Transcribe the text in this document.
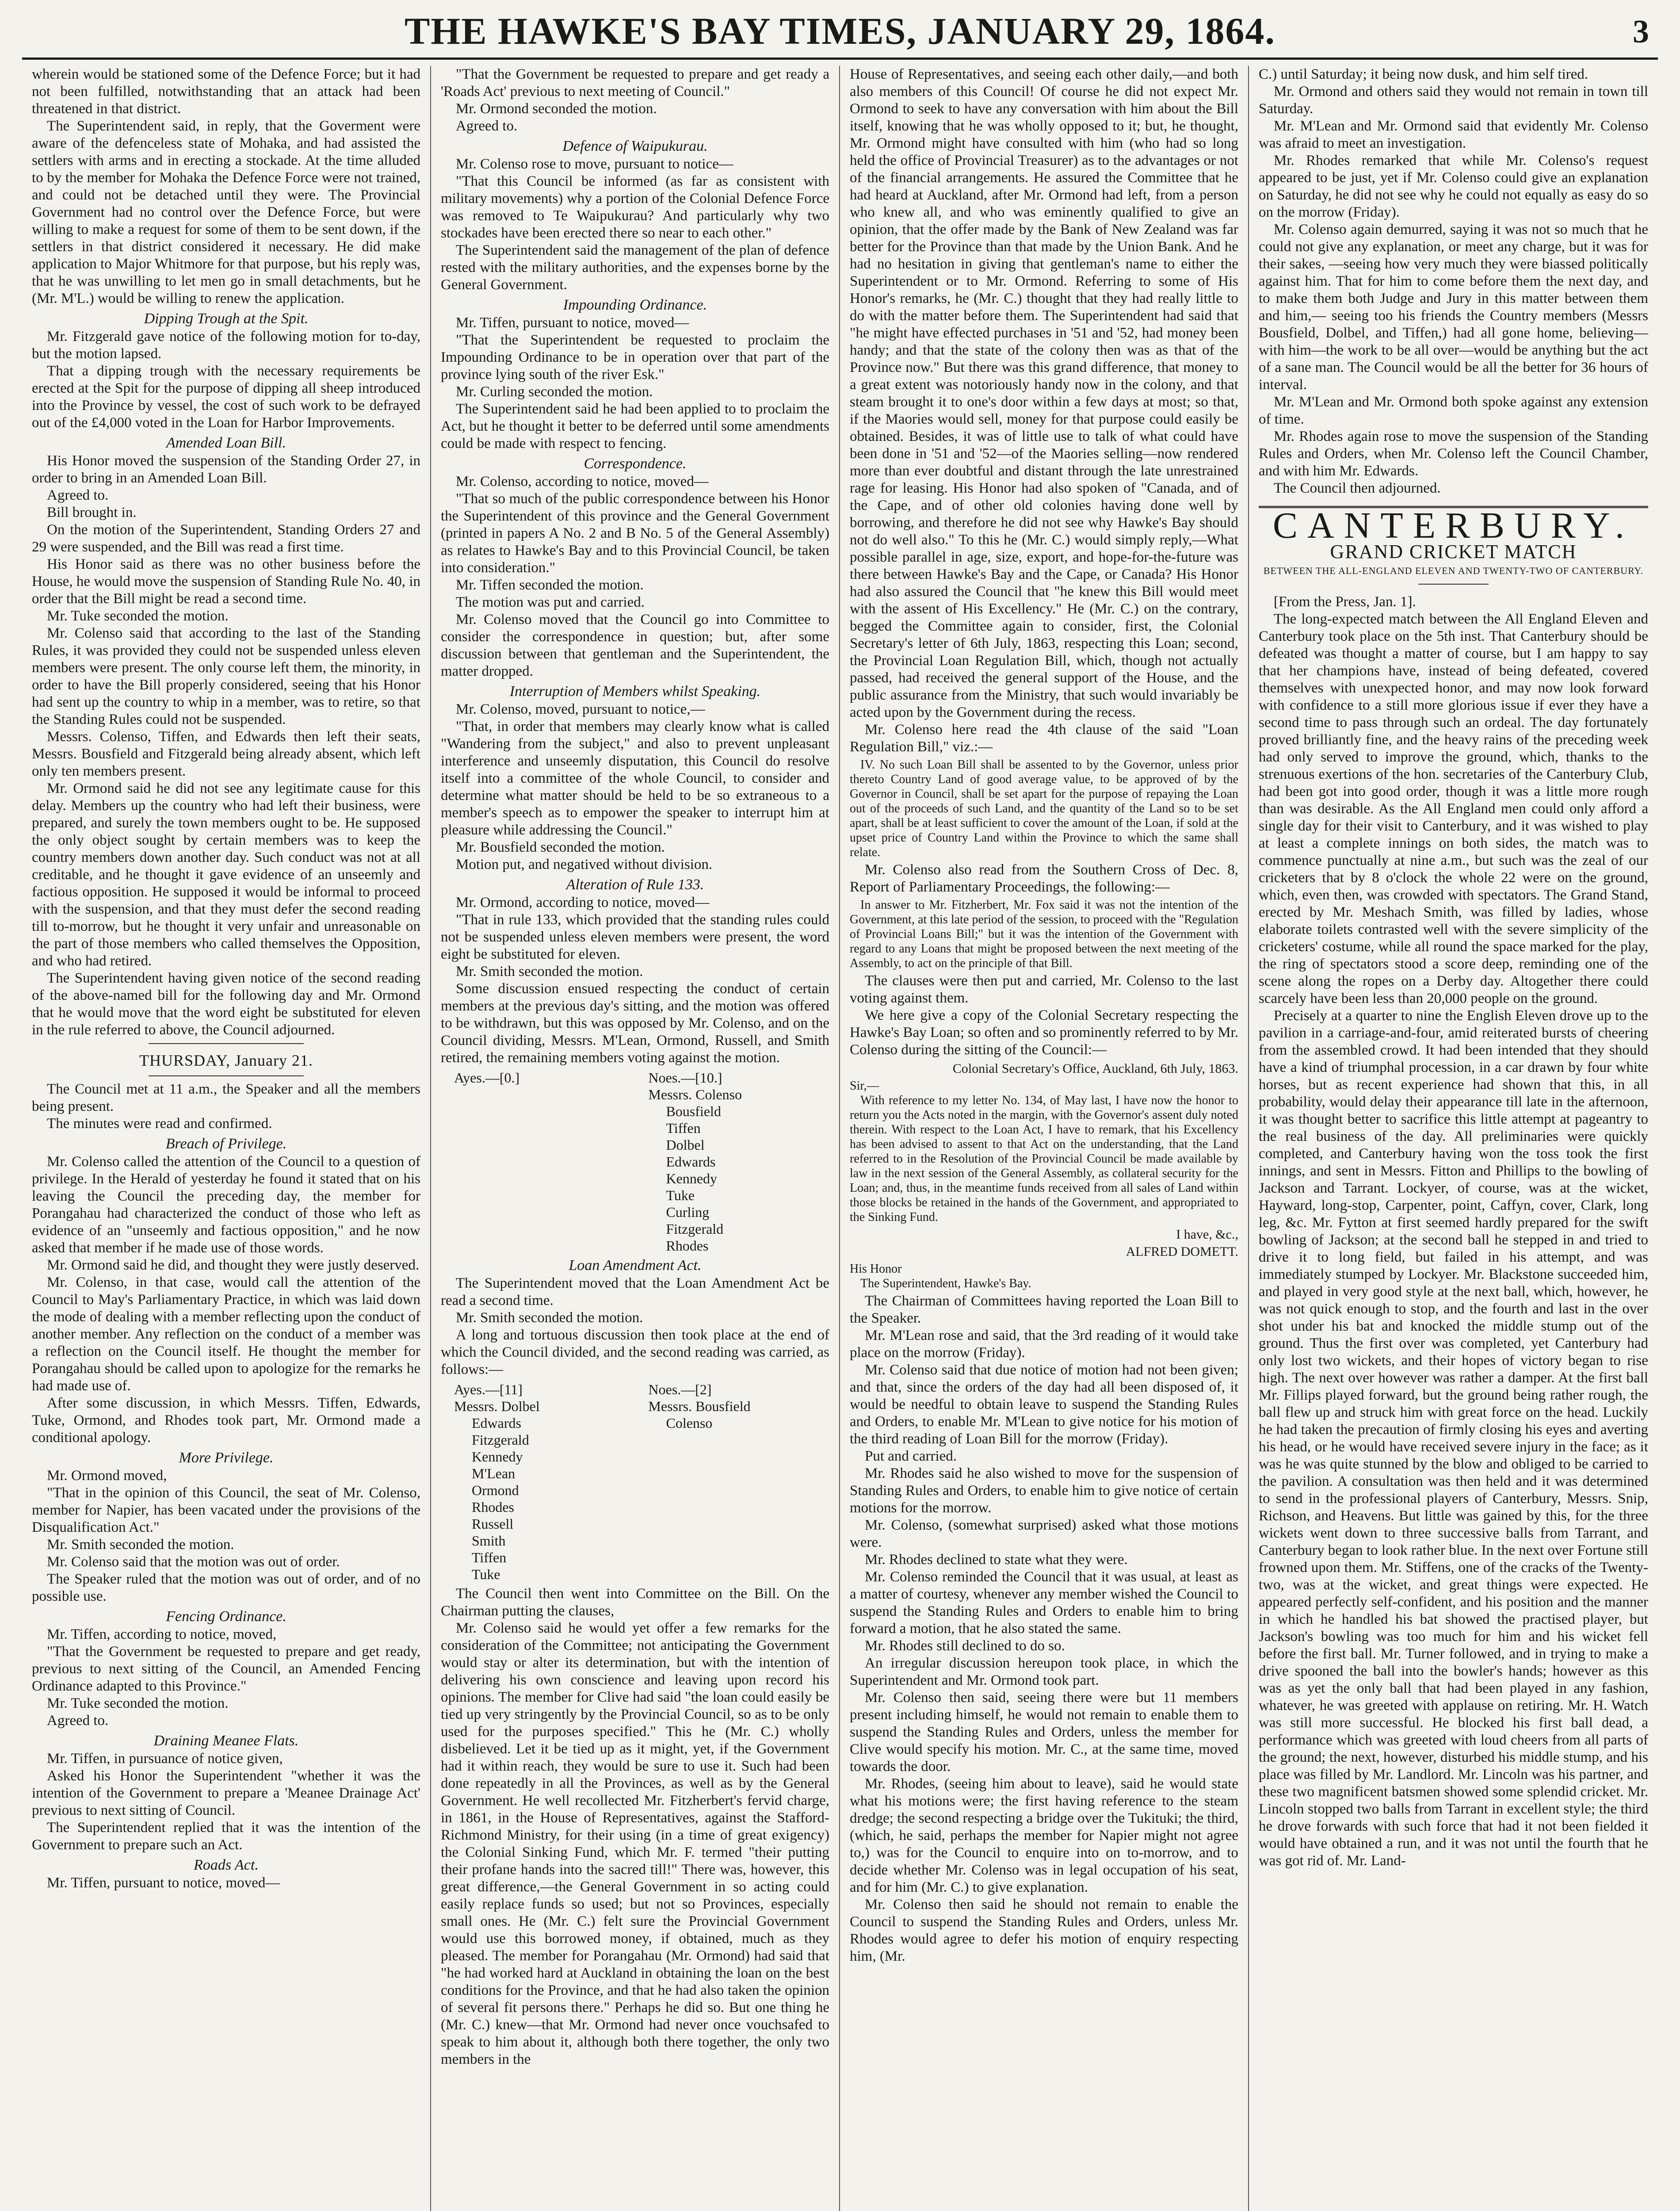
THE HAWKE'S BAY TIMES, JANUARY 29, 1864.	3

wherein would be stationed some of the Defence Force; but it had not been fulfilled, notwithstanding that an attack had been threatened in that district.

The Superintendent said, in reply, that the Goverment were aware of the defenceless state of Mohaka, and had assisted the settlers with arms and in erecting a stockade. At the time alluded to by the member for Mohaka the Defence Force were not trained, and could not be detached until they were. The Provincial Government had no control over the Defence Force, but were willing to make a request for some of them to be sent down, if the settlers in that district considered it necessary. He did make application to Major Whitmore for that purpose, but his reply was, that he was unwilling to let men go in small detachments, but he (Mr. M'L.) would be willing to renew the application.

Dipping Trough at the Spit.

Mr. Fitzgerald gave notice of the following motion for to-day, but the motion lapsed.

That a dipping trough with the necessary requirements be erected at the Spit for the purpose of dipping all sheep introduced into the Province by vessel, the cost of such work to be defrayed out of the £4,000 voted in the Loan for Harbor Improvements.

Amended Loan Bill.

His Honor moved the suspension of the Standing Order 27, in order to bring in an Amended Loan Bill.

Agreed to.

Bill brought in.

On the motion of the Superintendent, Standing Orders 27 and 29 were suspended, and the Bill was read a first time.

His Honor said as there was no other business before the House, he would move the suspension of Standing Rule No. 40, in order that the Bill might be read a second time.

Mr. Tuke seconded the motion.

Mr. Colenso said that according to the last of the Standing Rules, it was provided they could not be suspended unless eleven members were present. The only course left them, the minority, in order to have the Bill properly considered, seeing that his Honor had sent up the country to whip in a member, was to retire, so that the Standing Rules could not be suspended.

Messrs. Colenso, Tiffen, and Edwards then left their seats, Messrs. Bousfield and Fitzgerald being already absent, which left only ten members present.

Mr. Ormond said he did not see any legitimate cause for this delay. Members up the country who had left their business, were prepared, and surely the town members ought to be. He supposed the only object sought by certain members was to keep the country members down another day. Such conduct was not at all creditable, and he thought it gave evidence of an unseemly and factious opposition. He supposed it would be informal to proceed with the suspension, and that they must defer the second reading till to-morrow, but he thought it very unfair and unreasonable on the part of those members who called themselves the Opposition, and who had retired.

The Superintendent having given notice of the second reading of the above-named bill for the following day and Mr. Ormond that he would move that the word eight be substituted for eleven in the rule referred to above, the Council adjourned.

THURSDAY, January 21.

The Council met at 11 a.m., the Speaker and all the members being present.

The minutes were read and confirmed.

Breach of Privilege.

Mr. Colenso called the attention of the Council to a question of privilege. In the Herald of yesterday he found it stated that on his leaving the Council the preceding day, the member for Porangahau had characterized the conduct of those who left as evidence of an "unseemly and factious opposition," and he now asked that member if he made use of those words.

Mr. Ormond said he did, and thought they were justly deserved.

Mr. Colenso, in that case, would call the attention of the Council to May's Parliamentary Practice, in which was laid down the mode of dealing with a member reflecting upon the conduct of another member. Any reflection on the conduct of a member was a reflection on the Council itself. He thought the member for Porangahau should be called upon to apologize for the remarks he had made use of.

After some discussion, in which Messrs. Tiffen, Edwards, Tuke, Ormond, and Rhodes took part, Mr. Ormond made a conditional apology.

More Privilege.

Mr. Ormond moved,

"That in the opinion of this Council, the seat of Mr. Colenso, member for Napier, has been vacated under the provisions of the Disqualification Act."

Mr. Smith seconded the motion.

Mr. Colenso said that the motion was out of order.

The Speaker ruled that the motion was out of order, and of no possible use.

Fencing Ordinance.

Mr. Tiffen, according to notice, moved,

"That the Government be requested to prepare and get ready, previous to next sitting of the Council, an Amended Fencing Ordinance adapted to this Province."

Mr. Tuke seconded the motion.

Agreed to.

Draining Meanee Flats.

Mr. Tiffen, in pursuance of notice given,

Asked his Honor the Superintendent "whether it was the intention of the Government to prepare a 'Meanee Drainage Act' previous to next sitting of Council.

The Superintendent replied that it was the intention of the Government to prepare such an Act.

Roads Act.

Mr. Tiffen, pursuant to notice, moved—

"That the Government be requested to prepare and get ready a 'Roads Act' previous to next meeting of Council."

Mr. Ormond seconded the motion.

Agreed to.

Defence of Waipukurau.

Mr. Colenso rose to move, pursuant to notice—

"That this Council be informed (as far as consistent with military movements) why a portion of the Colonial Defence Force was removed to Te Waipukurau? And particularly why two stockades have been erected there so near to each other."

The Superintendent said the management of the plan of defence rested with the military authorities, and the expenses borne by the General Government.

Impounding Ordinance.

Mr. Tiffen, pursuant to notice, moved—

"That the Superintendent be requested to proclaim the Impounding Ordinance to be in operation over that part of the province lying south of the river Esk."

Mr. Curling seconded the motion.

The Superintendent said he had been applied to to proclaim the Act, but he thought it better to be deferred until some amendments could be made with respect to fencing.

Correspondence.

Mr. Colenso, according to notice, moved—

"That so much of the public correspondence between his Honor the Superintendent of this province and the General Government (printed in papers A No. 2 and B No. 5 of the General Assembly) as relates to Hawke's Bay and to this Provincial Council, be taken into consideration."

Mr. Tiffen seconded the motion.

The motion was put and carried.

Mr. Colenso moved that the Council go into Committee to consider the correspondence in question; but, after some discussion between that gentleman and the Superintendent, the matter dropped.

Interruption of Members whilst Speaking.

Mr. Colenso, moved, pursuant to notice,—

"That, in order that members may clearly know what is called "Wandering from the subject," and also to prevent unpleasant interference and unseemly disputation, this Council do resolve itself into a committee of the whole Council, to consider and determine what matter should be held to be so extraneous to a member's speech as to empower the speaker to interrupt him at pleasure while addressing the Council."

Mr. Bousfield seconded the motion.

Motion put, and negatived without division.

Alteration of Rule 133.

Mr. Ormond, according to notice, moved—

"That in rule 133, which provided that the standing rules could not be suspended unless eleven members were present, the word eight be substituted for eleven.

Mr. Smith seconded the motion.

Some discussion ensued respecting the conduct of certain members at the previous day's sitting, and the motion was offered to be withdrawn, but this was opposed by Mr. Colenso, and on the Council dividing, Messrs. M'Lean, Ormond, Russell, and Smith retired, the remaining members voting against the motion.

Ayes.—[0.]	Noes.—[10.]
Messrs. Colenso
Bousfield
Tiffen
Dolbel
Edwards
Kennedy
Tuke
Curling
Fitzgerald
Rhodes
Loan Amendment Act.

The Superintendent moved that the Loan Amendment Act be read a second time.

Mr. Smith seconded the motion.

A long and tortuous discussion then took place at the end of which the Council divided, and the second reading was carried, as follows:—

Ayes.—[11]
Messrs. Dolbel
Edwards
Fitzgerald
Kennedy
M'Lean
Ormond
Rhodes
Russell
Smith
Tiffen
Tuke
Noes.—[2]
Messrs. Bousfield
Colenso

The Council then went into Committee on the Bill. On the Chairman putting the clauses,

Mr. Colenso said he would yet offer a few remarks for the consideration of the Committee; not anticipating the Government would stay or alter its determination, but with the intention of delivering his own conscience and leaving upon record his opinions. The member for Clive had said "the loan could easily be tied up very stringently by the Provincial Council, so as to be only used for the purposes specified." This he (Mr. C.) wholly disbelieved. Let it be tied up as it might, yet, if the Government had it within reach, they would be sure to use it. Such had been done repeatedly in all the Provinces, as well as by the General Government. He well recollected Mr. Fitzherbert's fervid charge, in 1861, in the House of Representatives, against the Stafford-Richmond Ministry, for their using (in a time of great exigency) the Colonial Sinking Fund, which Mr. F. termed "their putting their profane hands into the sacred till!" There was, however, this great difference,—the General Government in so acting could easily replace funds so used; but not so Provinces, especially small ones. He (Mr. C.) felt sure the Provincial Government would use this borrowed money, if obtained, much as they pleased. The member for Porangahau (Mr. Ormond) had said that "he had worked hard at Auckland in obtaining the loan on the best conditions for the Province, and that he had also taken the opinion of several fit persons there." Perhaps he did so. But one thing he (Mr. C.) knew—that Mr. Ormond had never once vouchsafed to speak to him about it, although both there together, the only two members in the

House of Representatives, and seeing each other daily,—and both also members of this Council! Of course he did not expect Mr. Ormond to seek to have any conversation with him about the Bill itself, knowing that he was wholly opposed to it; but, he thought, Mr. Ormond might have consulted with him (who had so long held the office of Provincial Treasurer) as to the advantages or not of the financial arrangements. He assured the Committee that he had heard at Auckland, after Mr. Ormond had left, from a person who knew all, and who was eminently qualified to give an opinion, that the offer made by the Bank of New Zealand was far better for the Province than that made by the Union Bank. And he had no hesitation in giving that gentleman's name to either the Superintendent or to Mr. Ormond. Referring to some of His Honor's remarks, he (Mr. C.) thought that they had really little to do with the matter before them. The Superintendent had said that "he might have effected purchases in '51 and '52, had money been handy; and that the state of the colony then was as that of the Province now." But there was this grand difference, that money to a great extent was notoriously handy now in the colony, and that steam brought it to one's door within a few days at most; so that, if the Maories would sell, money for that purpose could easily be obtained. Besides, it was of little use to talk of what could have been done in '51 and '52—of the Maories selling—now rendered more than ever doubtful and distant through the late unrestrained rage for leasing. His Honor had also spoken of "Canada, and of the Cape, and of other old colonies having done well by borrowing, and therefore he did not see why Hawke's Bay should not do well also." To this he (Mr. C.) would simply reply,—What possible parallel in age, size, export, and hope-for-the-future was there between Hawke's Bay and the Cape, or Canada? His Honor had also assured the Council that "he knew this Bill would meet with the assent of His Excellency." He (Mr. C.) on the contrary, begged the Committee again to consider, first, the Colonial Secretary's letter of 6th July, 1863, respecting this Loan; second, the Provincial Loan Regulation Bill, which, though not actually passed, had received the general support of the House, and the public assurance from the Ministry, that such would invariably be acted upon by the Government during the recess.

Mr. Colenso here read the 4th clause of the said "Loan Regulation Bill," viz.:—

IV. No such Loan Bill shall be assented to by the Governor, unless prior thereto Country Land of good average value, to be approved of by the Governor in Council, shall be set apart for the purpose of repaying the Loan out of the proceeds of such Land, and the quantity of the Land so to be set apart, shall be at least sufficient to cover the amount of the Loan, if sold at the upset price of Country Land within the Province to which the same shall relate.

Mr. Colenso also read from the Southern Cross of Dec. 8, Report of Parliamentary Proceedings, the following:—

In answer to Mr. Fitzherbert, Mr. Fox said it was not the intention of the Government, at this late period of the session, to proceed with the "Regulation of Provincial Loans Bill;" but it was the intention of the Government with regard to any Loans that might be proposed between the next meeting of the Assembly, to act on the principle of that Bill.

The clauses were then put and carried, Mr. Colenso to the last voting against them.

We here give a copy of the Colonial Secretary respecting the Hawke's Bay Loan; so often and so prominently referred to by Mr. Colenso during the sitting of the Council:—

Colonial Secretary's Office, Auckland, 6th July, 1863.

Sir,—

With reference to my letter No. 134, of May last, I have now the honor to return you the Acts noted in the margin, with the Governor's assent duly noted therein. With respect to the Loan Act, I have to remark, that his Excellency has been advised to assent to that Act on the understanding, that the Land referred to in the Resolution of the Provincial Council be made available by law in the next session of the General Assembly, as collateral security for the Loan; and, thus, in the meantime funds received from all sales of Land within those blocks be retained in the hands of the Government, and appropriated to the Sinking Fund.

I have, &c.,
ALFRED DOMETT.

His Honor

The Superintendent, Hawke's Bay.

The Chairman of Committees having reported the Loan Bill to the Speaker.

Mr. M'Lean rose and said, that the 3rd reading of it would take place on the morrow (Friday).

Mr. Colenso said that due notice of motion had not been given; and that, since the orders of the day had all been disposed of, it would be needful to obtain leave to suspend the Standing Rules and Orders, to enable Mr. M'Lean to give notice for his motion of the third reading of Loan Bill for the morrow (Friday).

Put and carried.

Mr. Rhodes said he also wished to move for the suspension of Standing Rules and Orders, to enable him to give notice of certain motions for the morrow.

Mr. Colenso, (somewhat surprised) asked what those motions were.

Mr. Rhodes declined to state what they were.

Mr. Colenso reminded the Council that it was usual, at least as a matter of courtesy, whenever any member wished the Council to suspend the Standing Rules and Orders to enable him to bring forward a motion, that he also stated the same.

Mr. Rhodes still declined to do so.

An irregular discussion hereupon took place, in which the Superintendent and Mr. Ormond took part.

Mr. Colenso then said, seeing there were but 11 members present including himself, he would not remain to enable them to suspend the Standing Rules and Orders, unless the member for Clive would specify his motion. Mr. C., at the same time, moved towards the door.

Mr. Rhodes, (seeing him about to leave), said he would state what his motions were; the first having reference to the steam dredge; the second respecting a bridge over the Tukituki; the third, (which, he said, perhaps the member for Napier might not agree to,) was for the Council to enquire into on to-morrow, and to decide whether Mr. Colenso was in legal occupation of his seat, and for him (Mr. C.) to give explanation.

Mr. Colenso then said he should not remain to enable the Council to suspend the Standing Rules and Orders, unless Mr. Rhodes would agree to defer his motion of enquiry respecting him, (Mr.

C.) until Saturday; it being now dusk, and him self tired.

Mr. Ormond and others said they would not remain in town till Saturday.

Mr. M'Lean and Mr. Ormond said that evidently Mr. Colenso was afraid to meet an investigation.

Mr. Rhodes remarked that while Mr. Colenso's request appeared to be just, yet if Mr. Colenso could give an explanation on Saturday, he did not see why he could not equally as easy do so on the morrow (Friday).

Mr. Colenso again demurred, saying it was not so much that he could not give any explanation, or meet any charge, but it was for their sakes, —seeing how very much they were biassed politically against him. That for him to come before them the next day, and to make them both Judge and Jury in this matter between them and him,— seeing too his friends the Country members (Messrs Bousfield, Dolbel, and Tiffen,) had all gone home, believing—with him—the work to be all over—would be anything but the act of a sane man. The Council would be all the better for 36 hours of interval.

Mr. M'Lean and Mr. Ormond both spoke against any extension of time.

Mr. Rhodes again rose to move the suspension of the Standing Rules and Orders, when Mr. Colenso left the Council Chamber, and with him Mr. Edwards.

The Council then adjourned.

CANTERBURY.
GRAND CRICKET MATCH
BETWEEN THE ALL-ENGLAND ELEVEN AND TWENTY-TWO OF CANTERBURY.

[From the Press, Jan. 1].

The long-expected match between the All England Eleven and Canterbury took place on the 5th inst. That Canterbury should be defeated was thought a matter of course, but I am happy to say that her champions have, instead of being defeated, covered themselves with unexpected honor, and may now look forward with confidence to a still more glorious issue if ever they have a second time to pass through such an ordeal. The day fortunately proved brilliantly fine, and the heavy rains of the preceding week had only served to improve the ground, which, thanks to the strenuous exertions of the hon. secretaries of the Canterbury Club, had been got into good order, though it was a little more rough than was desirable. As the All England men could only afford a single day for their visit to Canterbury, and it was wished to play at least a complete innings on both sides, the match was to commence punctually at nine a.m., but such was the zeal of our cricketers that by 8 o'clock the whole 22 were on the ground, which, even then, was crowded with spectators. The Grand Stand, erected by Mr. Meshach Smith, was filled by ladies, whose elaborate toilets contrasted well with the severe simplicity of the cricketers' costume, while all round the space marked for the play, the ring of spectators stood a score deep, reminding one of the scene along the ropes on a Derby day. Altogether there could scarcely have been less than 20,000 people on the ground.

Precisely at a quarter to nine the English Eleven drove up to the pavilion in a carriage-and-four, amid reiterated bursts of cheering from the assembled crowd. It had been intended that they should have a kind of triumphal procession, in a car drawn by four white horses, but as recent experience had shown that this, in all probability, would delay their appearance till late in the afternoon, it was thought better to sacrifice this little attempt at pageantry to the real business of the day. All preliminaries were quickly completed, and Canterbury having won the toss took the first innings, and sent in Messrs. Fitton and Phillips to the bowling of Jackson and Tarrant. Lockyer, of course, was at the wicket, Hayward, long-stop, Carpenter, point, Caffyn, cover, Clark, long leg, &c. Mr. Fytton at first seemed hardly prepared for the swift bowling of Jackson; at the second ball he stepped in and tried to drive it to long field, but failed in his attempt, and was immediately stumped by Lockyer. Mr. Blackstone succeeded him, and played in very good style at the next ball, which, however, he was not quick enough to stop, and the fourth and last in the over shot under his bat and knocked the middle stump out of the ground. Thus the first over was completed, yet Canterbury had only lost two wickets, and their hopes of victory began to rise high. The next over however was rather a damper. At the first ball Mr. Fillips played forward, but the ground being rather rough, the ball flew up and struck him with great force on the head. Luckily he had taken the precaution of firmly closing his eyes and averting his head, or he would have received severe injury in the face; as it was he was quite stunned by the blow and obliged to be carried to the pavilion. A consultation was then held and it was determined to send in the professional players of Canterbury, Messrs. Snip, Richson, and Heavens. But little was gained by this, for the three wickets went down to three successive balls from Tarrant, and Canterbury began to look rather blue. In the next over Fortune still frowned upon them. Mr. Stiffens, one of the cracks of the Twenty-two, was at the wicket, and great things were expected. He appeared perfectly self-confident, and his position and the manner in which he handled his bat showed the practised player, but Jackson's bowling was too much for him and his wicket fell before the first ball. Mr. Turner followed, and in trying to make a drive spooned the ball into the bowler's hands; however as this was as yet the only ball that had been played in any fashion, whatever, he was greeted with applause on retiring. Mr. H. Watch was still more successful. He blocked his first ball dead, a performance which was greeted with loud cheers from all parts of the ground; the next, however, disturbed his middle stump, and his place was filled by Mr. Landlord. Mr. Lincoln was his partner, and these two magnificent batsmen showed some splendid cricket. Mr. Lincoln stopped two balls from Tarrant in excellent style; the third he drove forwards with such force that had it not been fielded it would have obtained a run, and it was not until the fourth that he was got rid of. Mr. Land-
